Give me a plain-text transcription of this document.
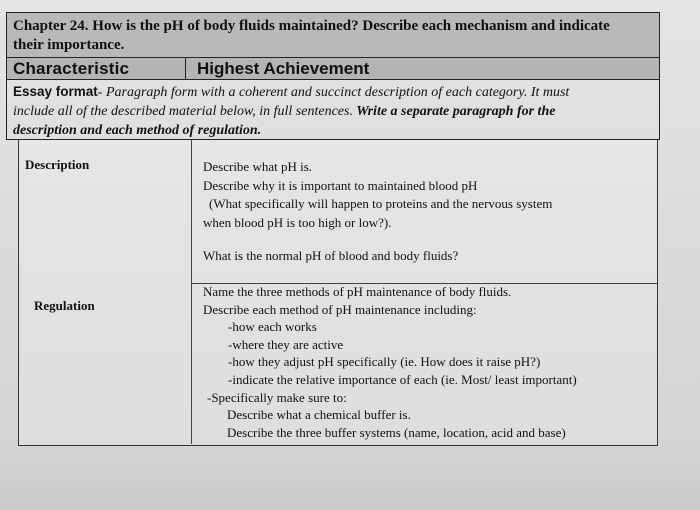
Chapter 24. How is the pH of body fluids maintained? Describe each mechanism and indicate
their importance.
Characteristic	Highest Achievement
Essay format- Paragraph form with a coherent and succinct description of each category. It must
include all of the described material below, in full sentences. Write a separate paragraph for the
description and each method of regulation.
Description	Describe what pH is.
Describe why it is important to maintained blood pH
(What specifically will happen to proteins and the nervous system
when blood pH is too high or low?).
What is the normal pH of blood and body fluids?
Regulation
Name the three methods of pH maintenance of body fluids.
Describe each method of pH maintenance including:
-how each works
-where they are active
-how they adjust pH specifically (ie. How does it raise pH?)
-indicate the relative importance of each (ie. Most/ least important)
-Specifically make sure to:
Describe what a chemical buffer is.
Describe the three buffer systems (name, location, acid and base)
